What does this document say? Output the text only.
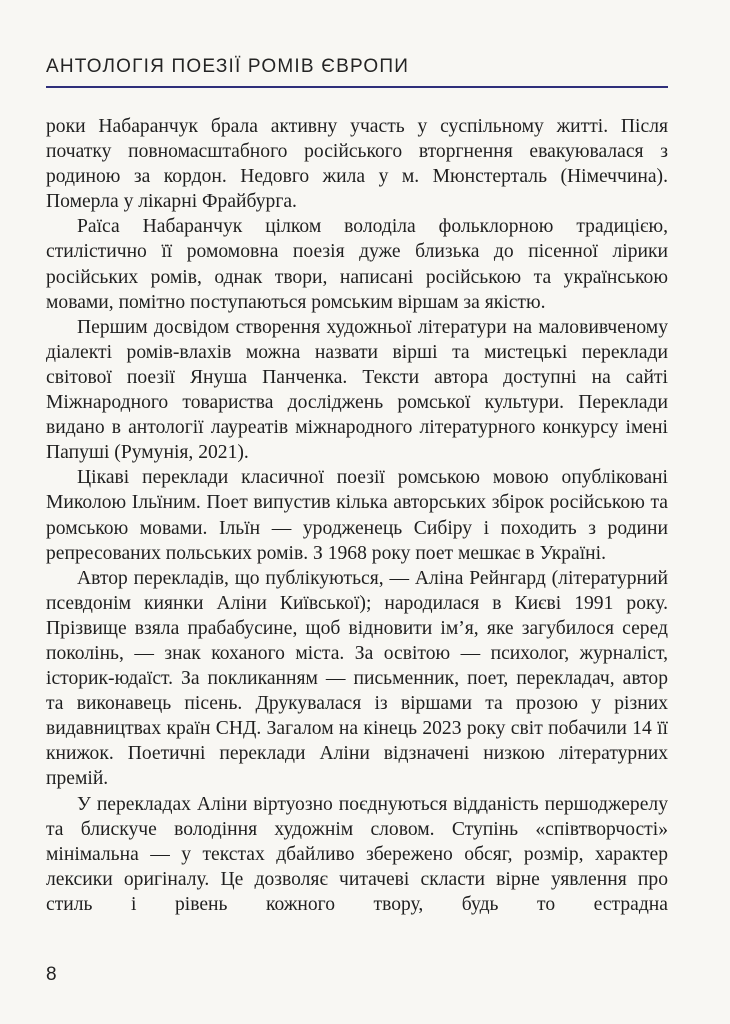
АНТОЛОГІЯ ПОЕЗІЇ РОМІВ ЄВРОПИ

роки Набаранчук брала активну участь у суспільному житті. Після початку повномасштабного російського вторгнення евакуювалася з родиною за кордон. Недовго жила у м. Мюнстерталь (Німеччина). Померла у лікарні Фрайбурга.

Раїса Набаранчук цілком володіла фольклорною традицією, стилістично її ромомовна поезія дуже близька до пісенної лірики російських ромів, однак твори, написані російською та українською мовами, помітно поступаються ромським віршам за якістю.

Першим досвідом створення художньої літератури на маловивченому діалекті ромів-влахів можна назвати вірші та мистецькі переклади світової поезії Януша Панченка. Тексти автора доступні на сайті Міжнародного товариства досліджень ромської культури. Переклади видано в антології лауреатів міжнародного літературного конкурсу імені Папуші (Румунія, 2021).

Цікаві переклади класичної поезії ромською мовою опубліковані Миколою Ільїним. Поет випустив кілька авторських збірок російською та ромською мовами. Ільїн — уродженець Сибіру і походить з родини репресованих польських ромів. З 1968 року поет мешкає в Україні.

Автор перекладів, що публікуються, — Аліна Рейнгард (літературний псевдонім киянки Аліни Київської); народилася в Києві 1991 року. Прізвище взяла прабабусине, щоб відновити ім’я, яке загубилося серед поколінь, — знак коханого міста. За освітою — психолог, журналіст, історик-юдаїст. За покликанням — письменник, поет, перекладач, автор та виконавець пісень. Друкувалася із віршами та прозою у різних видавництвах країн СНД. Загалом на кінець 2023 року світ побачили 14 її книжок. Поетичні переклади Аліни відзначені низкою літературних премій.

У перекладах Аліни віртуозно поєднуються відданість першоджерелу та блискуче володіння художнім словом. Ступінь «співтворчості» мінімальна — у текстах дбайливо збережено обсяг, розмір, характер лексики оригіналу. Це дозволяє читачеві скласти вірне уявлення про стиль і рівень кожного твору, будь то естрадна

8
